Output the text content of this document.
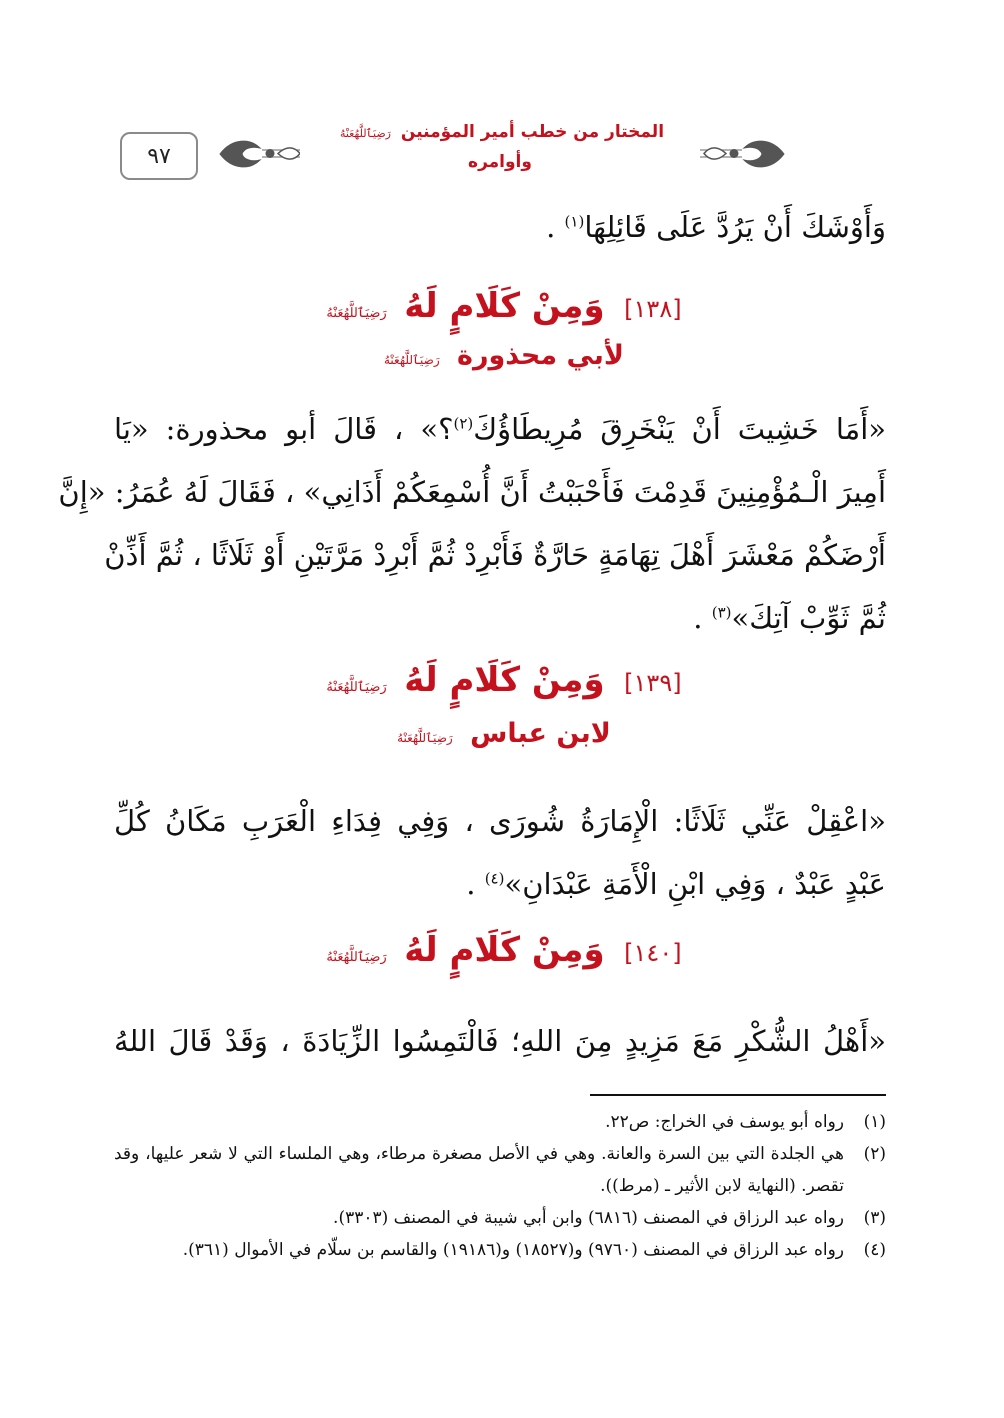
٩٧
المختار من خطب أمير المؤمنين رَضِيَٱللَّهُعَنْهُ وأوامره
وَأَوْشَكَ أَنْ يَرُدَّ عَلَى قَائِلِهَا$^{(١)}$ .
[١٣٨] وَمِنْ كَلَامٍ لَهُ رَضِيَٱللَّهُعَنْهُ
لأبي محذورة رَضِيَٱللَّهُعَنْهُ
«أَمَا خَشِيتَ أَنْ يَنْخَرِقَ مُرِيطَاؤُكَ$^{(٢)}$؟» ، قَالَ أبو محذورة: «يَا
أَمِيرَ الْـمُؤْمِنِينَ قَدِمْتَ فَأَحْبَبْتُ أَنَّ أُسْمِعَكُمْ أَذَانِي» ، فَقَالَ لَهُ عُمَرُ: «إِنَّ
أَرْضَكُمْ مَعْشَرَ أَهْلَ تِهَامَةٍ حَارَّةٌ فَأَبْرِدْ ثُمَّ أَبْرِدْ مَرَّتَيْنِ أَوْ ثَلَاثًا ، ثُمَّ أَذِّنْ
ثُمَّ ثَوِّبْ آتِكَ»$^{(٣)}$ .
[١٣٩] وَمِنْ كَلَامٍ لَهُ رَضِيَٱللَّهُعَنْهُ
لابن عباس رَضِيَٱللَّهُعَنْهُ
«اعْقِلْ عَنِّي ثَلَاثًا: الْإِمَارَةُ شُورَى ، وَفِي فِدَاءِ الْعَرَبِ مَكَانُ كُلِّ
عَبْدٍ عَبْدٌ ، وَفِي ابْنِ الْأَمَةِ عَبْدَانِ»$^{(٤)}$ .
[١٤٠] وَمِنْ كَلَامٍ لَهُ رَضِيَٱللَّهُعَنْهُ
«أَهْلُ الشُّكْرِ مَعَ مَزِيدٍ مِنَ اللهِ؛ فَالْتَمِسُوا الزِّيَادَةَ ، وَقَدْ قَالَ اللهُ
(١)
رواه أبو يوسف في الخراج: ص٢٢.
(٢)
هي الجلدة التي بين السرة والعانة. وهي في الأصل مصغرة مرطاء، وهي الملساء التي لا شعر عليها، وقد تقصر. (النهاية لابن الأثير ـ (مرط)).
(٣)
رواه عبد الرزاق في المصنف (٦٨١٦) وابن أبي شيبة في المصنف (٣٣٠٣).
(٤)
رواه عبد الرزاق في المصنف (٩٧٦٠) و(١٨٥٢٧) و(١٩١٨٦) والقاسم بن سلّام في الأموال (٣٦١).
